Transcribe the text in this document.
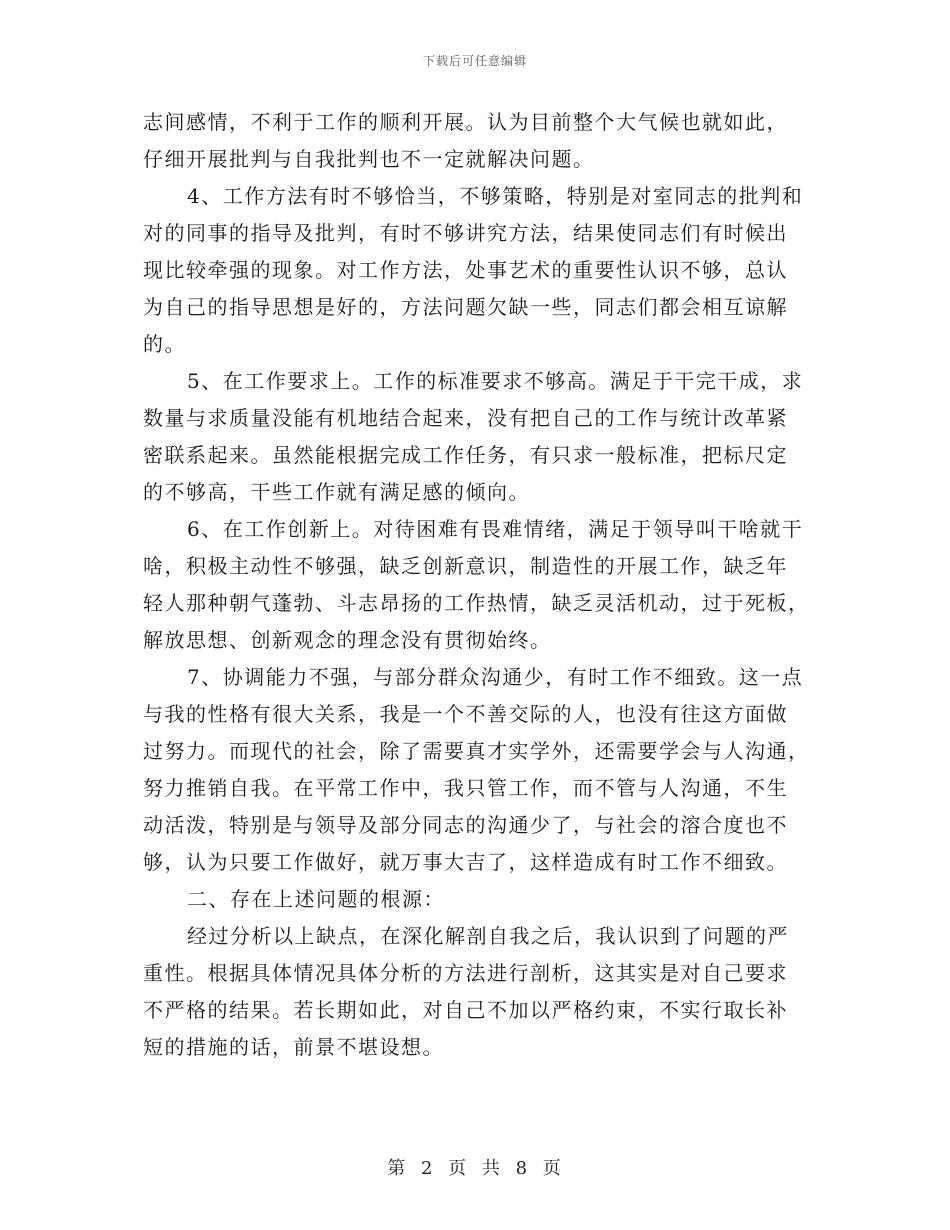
下载后可任意编辑

志间感情，不利于工作的顺利开展。认为目前整个大气候也就如此，
仔细开展批判与自我批判也不一定就解决问题。

4、工作方法有时不够恰当，不够策略，特别是对室同志的批判和
对的同事的指导及批判，有时不够讲究方法，结果使同志们有时候出
现比较牵强的现象。对工作方法，处事艺术的重要性认识不够，总认
为自己的指导思想是好的，方法问题欠缺一些，同志们都会相互谅解
的。

5、在工作要求上。工作的标准要求不够高。满足于干完干成，求
数量与求质量没能有机地结合起来，没有把自己的工作与统计改革紧
密联系起来。虽然能根据完成工作任务，有只求一般标准，把标尺定
的不够高，干些工作就有满足感的倾向。

6、在工作创新上。对待困难有畏难情绪，满足于领导叫干啥就干
啥，积极主动性不够强，缺乏创新意识，制造性的开展工作，缺乏年
轻人那种朝气蓬勃、斗志昂扬的工作热情，缺乏灵活机动，过于死板，
解放思想、创新观念的理念没有贯彻始终。

7、协调能力不强，与部分群众沟通少，有时工作不细致。这一点
与我的性格有很大关系，我是一个不善交际的人，也没有往这方面做
过努力。而现代的社会，除了需要真才实学外，还需要学会与人沟通，
努力推销自我。在平常工作中，我只管工作，而不管与人沟通，不生
动活泼，特别是与领导及部分同志的沟通少了，与社会的溶合度也不
够，认为只要工作做好，就万事大吉了，这样造成有时工作不细致。

二、存在上述问题的根源：

经过分析以上缺点，在深化解剖自我之后，我认识到了问题的严
重性。根据具体情况具体分析的方法进行剖析，这其实是对自己要求
不严格的结果。若长期如此，对自己不加以严格约束，不实行取长补
短的措施的话，前景不堪设想。

第 2 页 共 8 页
